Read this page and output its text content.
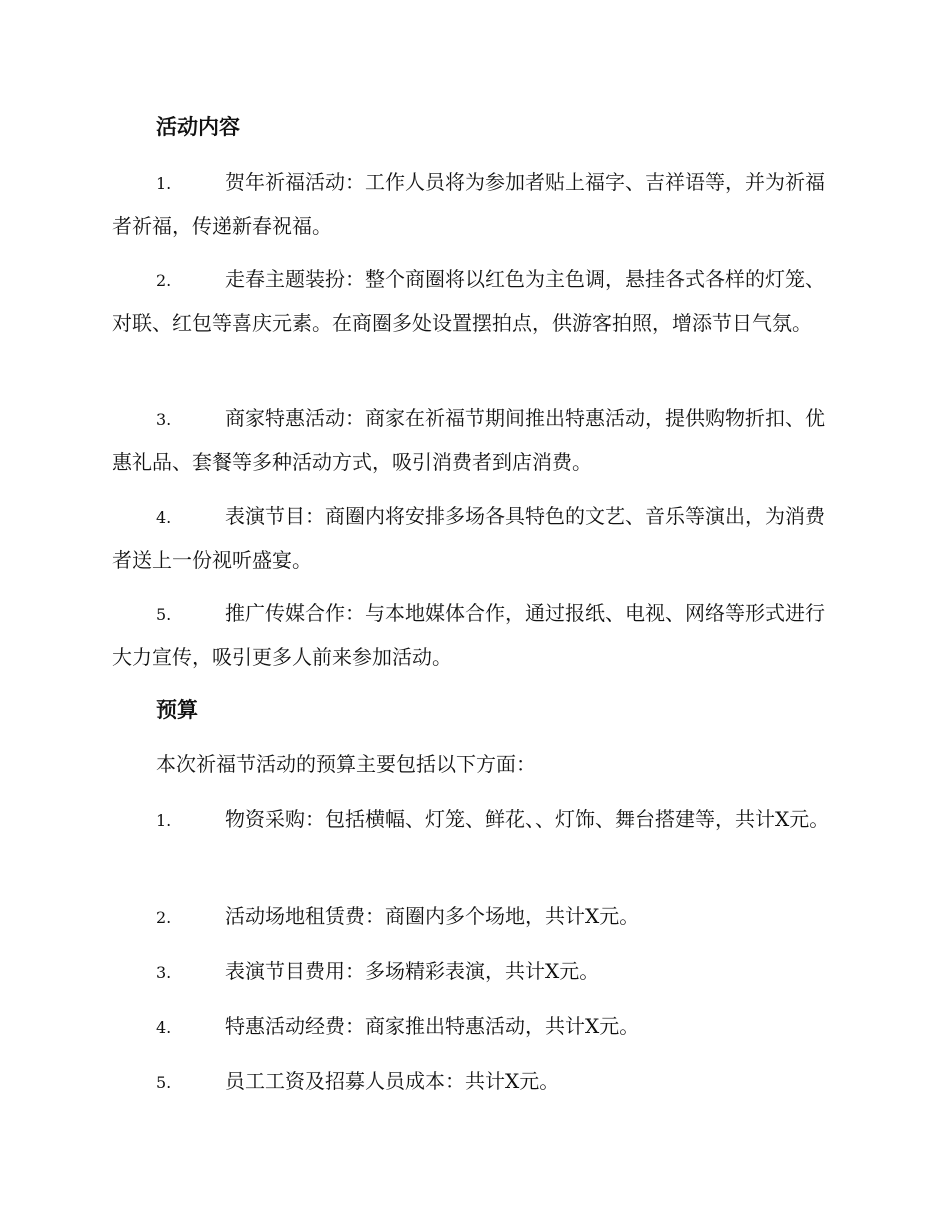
活动内容

1.	贺年祈福活动：工作人员将为参加者贴上福字、吉祥语等，并为祈福者祈福，传递新春祝福。

2.	走春主题装扮：整个商圈将以红色为主色调，悬挂各式各样的灯笼、对联、红包等喜庆元素。在商圈多处设置摆拍点，供游客拍照，增添节日气氛。

3.	商家特惠活动：商家在祈福节期间推出特惠活动，提供购物折扣、优惠礼品、套餐等多种活动方式，吸引消费者到店消费。

4.	表演节目：商圈内将安排多场各具特色的文艺、音乐等演出，为消费者送上一份视听盛宴。

5.	推广传媒合作：与本地媒体合作，通过报纸、电视、网络等形式进行大力宣传，吸引更多人前来参加活动。

预算

本次祈福节活动的预算主要包括以下方面：

1.	物资采购：包括横幅、灯笼、鲜花、、灯饰、舞台搭建等，共计X元。

2.	活动场地租赁费：商圈内多个场地，共计X元。

3.	表演节目费用：多场精彩表演，共计X元。

4.	特惠活动经费：商家推出特惠活动，共计X元。

5.	员工工资及招募人员成本：共计X元。
